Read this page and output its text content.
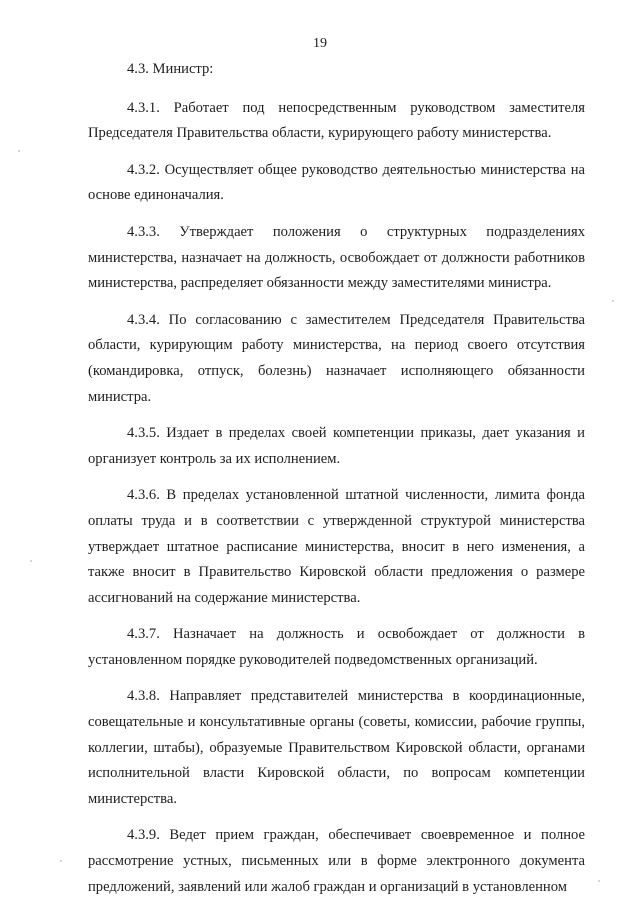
19

4.3. Министр:

4.3.1. Работает под непосредственным руководством заместителя Председателя Правительства области, курирующего работу министерства.

4.3.2. Осуществляет общее руководство деятельностью министерства на основе единоначалия.

4.3.3. Утверждает положения о структурных подразделениях министерства, назначает на должность, освобождает от должности работников министерства, распределяет обязанности между заместителями министра.

4.3.4. По согласованию с заместителем Председателя Правительства области, курирующим работу министерства, на период своего отсутствия (командировка, отпуск, болезнь) назначает исполняющего обязанности министра.

4.3.5. Издает в пределах своей компетенции приказы, дает указания и организует контроль за их исполнением.

4.3.6. В пределах установленной штатной численности, лимита фонда оплаты труда и в соответствии с утвержденной структурой министерства утверждает штатное расписание министерства, вносит в него изменения, а также вносит в Правительство Кировской области предложения о размере ассигнований на содержание министерства.

4.3.7. Назначает на должность и освобождает от должности в установленном порядке руководителей подведомственных организаций.

4.3.8. Направляет представителей министерства в координационные, совещательные и консультативные органы (советы, комиссии, рабочие группы, коллегии, штабы), образуемые Правительством Кировской области, органами исполнительной власти Кировской области, по вопросам компетенции министерства.

4.3.9. Ведет прием граждан, обеспечивает своевременное и полное рассмотрение устных, письменных или в форме электронного документа предложений, заявлений или жалоб граждан и организаций в установленном
